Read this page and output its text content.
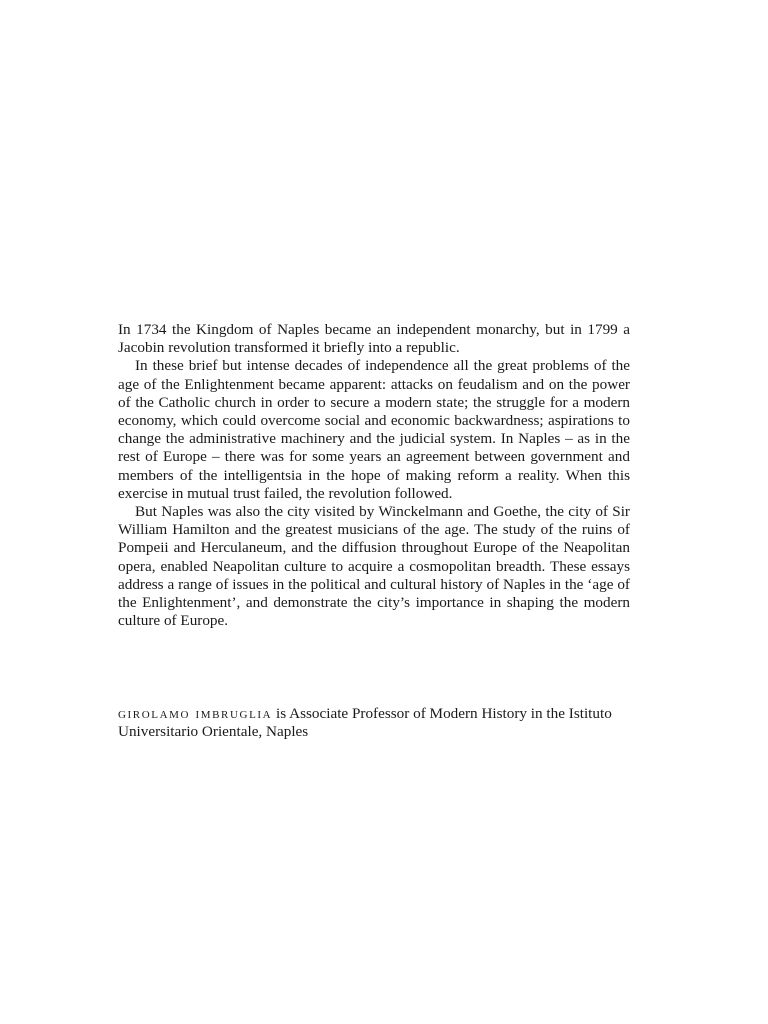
In 1734 the Kingdom of Naples became an independent monarchy, but in 1799 a Jacobin revolution transformed it briefly into a republic.

In these brief but intense decades of independence all the great problems of the age of the Enlightenment became apparent: attacks on feudalism and on the power of the Catholic church in order to secure a modern state; the struggle for a modern economy, which could overcome social and economic backwardness; aspirations to change the administrative machinery and the judicial system. In Naples – as in the rest of Europe – there was for some years an agreement between government and members of the intelligentsia in the hope of making reform a reality. When this exercise in mutual trust failed, the revolution followed.

But Naples was also the city visited by Winckelmann and Goethe, the city of Sir William Hamilton and the greatest musicians of the age. The study of the ruins of Pompeii and Herculaneum, and the diffusion throughout Europe of the Neapolitan opera, enabled Neapolitan culture to acquire a cosmopolitan breadth. These essays address a range of issues in the political and cultural history of Naples in the ‘age of the Enlightenment’, and demonstrate the city’s importance in shaping the modern culture of Europe.

girolamo imbruglia is Associate Professor of Modern History in the Istituto Universitario Orientale, Naples
